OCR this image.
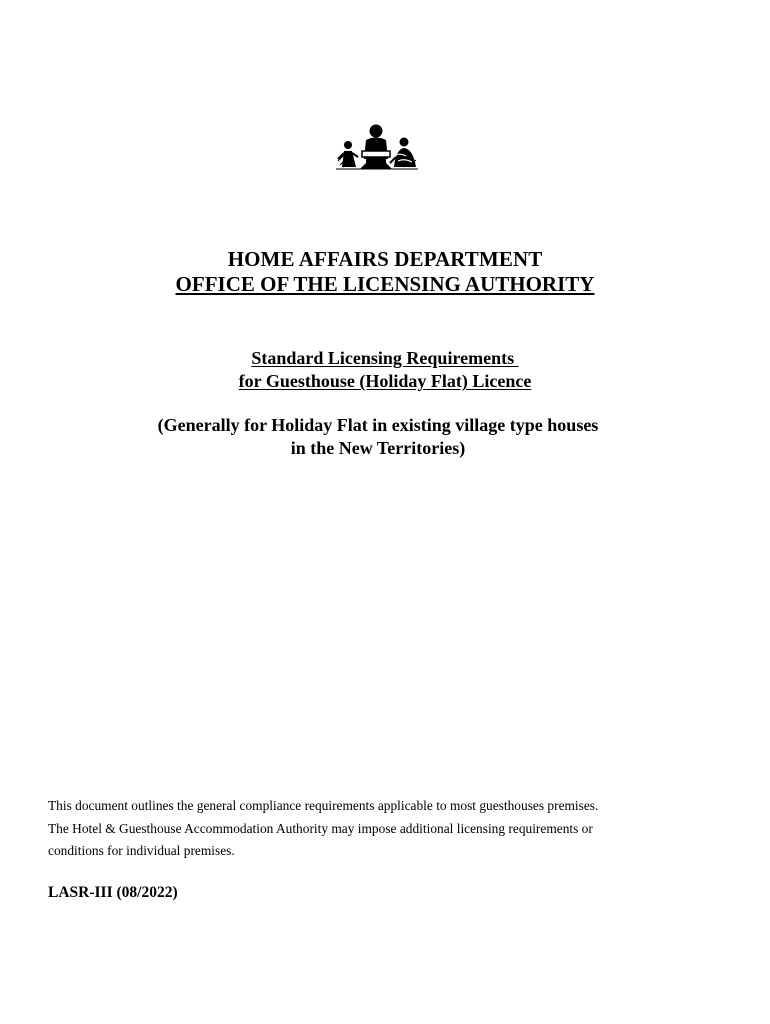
HOME AFFAIRS DEPARTMENT
OFFICE OF THE LICENSING AUTHORITY
Standard Licensing Requirements
for Guesthouse (Holiday Flat) Licence
(Generally for Holiday Flat in existing village type houses
in the New Territories)
This document outlines the general compliance requirements applicable to most guesthouses premises.
The Hotel & Guesthouse Accommodation Authority may impose additional licensing requirements or
conditions for individual premises.
LASR-III (08/2022)
